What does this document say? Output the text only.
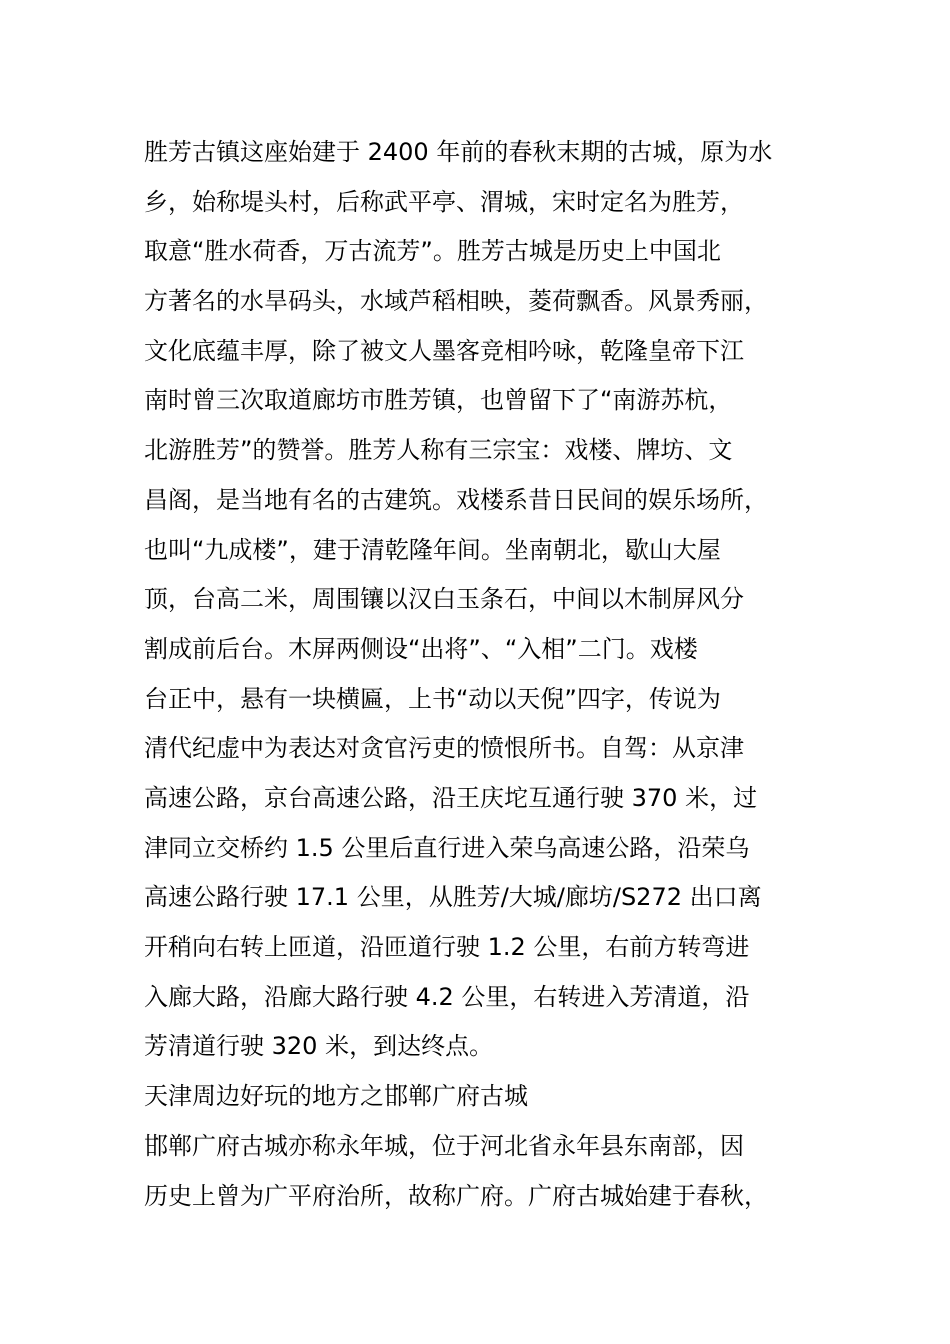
胜芳古镇这座始建于 2400 年前的春秋末期的古城，原为水
乡，始称堤头村，后称武平亭、渭城，宋时定名为胜芳，
取意“胜水荷香，万古流芳”。胜芳古城是历史上中国北
方著名的水旱码头，水域芦稻相映，菱荷飘香。风景秀丽，
文化底蕴丰厚，除了被文人墨客竞相吟咏，乾隆皇帝下江
南时曾三次取道廊坊市胜芳镇，也曾留下了“南游苏杭，
北游胜芳”的赞誉。胜芳人称有三宗宝：戏楼、牌坊、文
昌阁，是当地有名的古建筑。戏楼系昔日民间的娱乐场所，
也叫“九成楼”，建于清乾隆年间。坐南朝北，歇山大屋
顶，台高二米，周围镶以汉白玉条石，中间以木制屏风分
割成前后台。木屏两侧设“出将”、“入相”二门。戏楼
台正中，悬有一块横匾，上书“动以天倪”四字，传说为
清代纪虚中为表达对贪官污吏的愤恨所书。自驾：从京津
高速公路，京台高速公路，沿王庆坨互通行驶 370 米，过
津同立交桥约 1.5 公里后直行进入荣乌高速公路，沿荣乌
高速公路行驶 17.1 公里，从胜芳/大城/廊坊/S272 出口离
开稍向右转上匝道，沿匝道行驶 1.2 公里，右前方转弯进
入廊大路，沿廊大路行驶 4.2 公里，右转进入芳清道，沿
芳清道行驶 320 米，到达终点。
天津周边好玩的地方之邯郸广府古城
邯郸广府古城亦称永年城，位于河北省永年县东南部，因
历史上曾为广平府治所，故称广府。广府古城始建于春秋，
